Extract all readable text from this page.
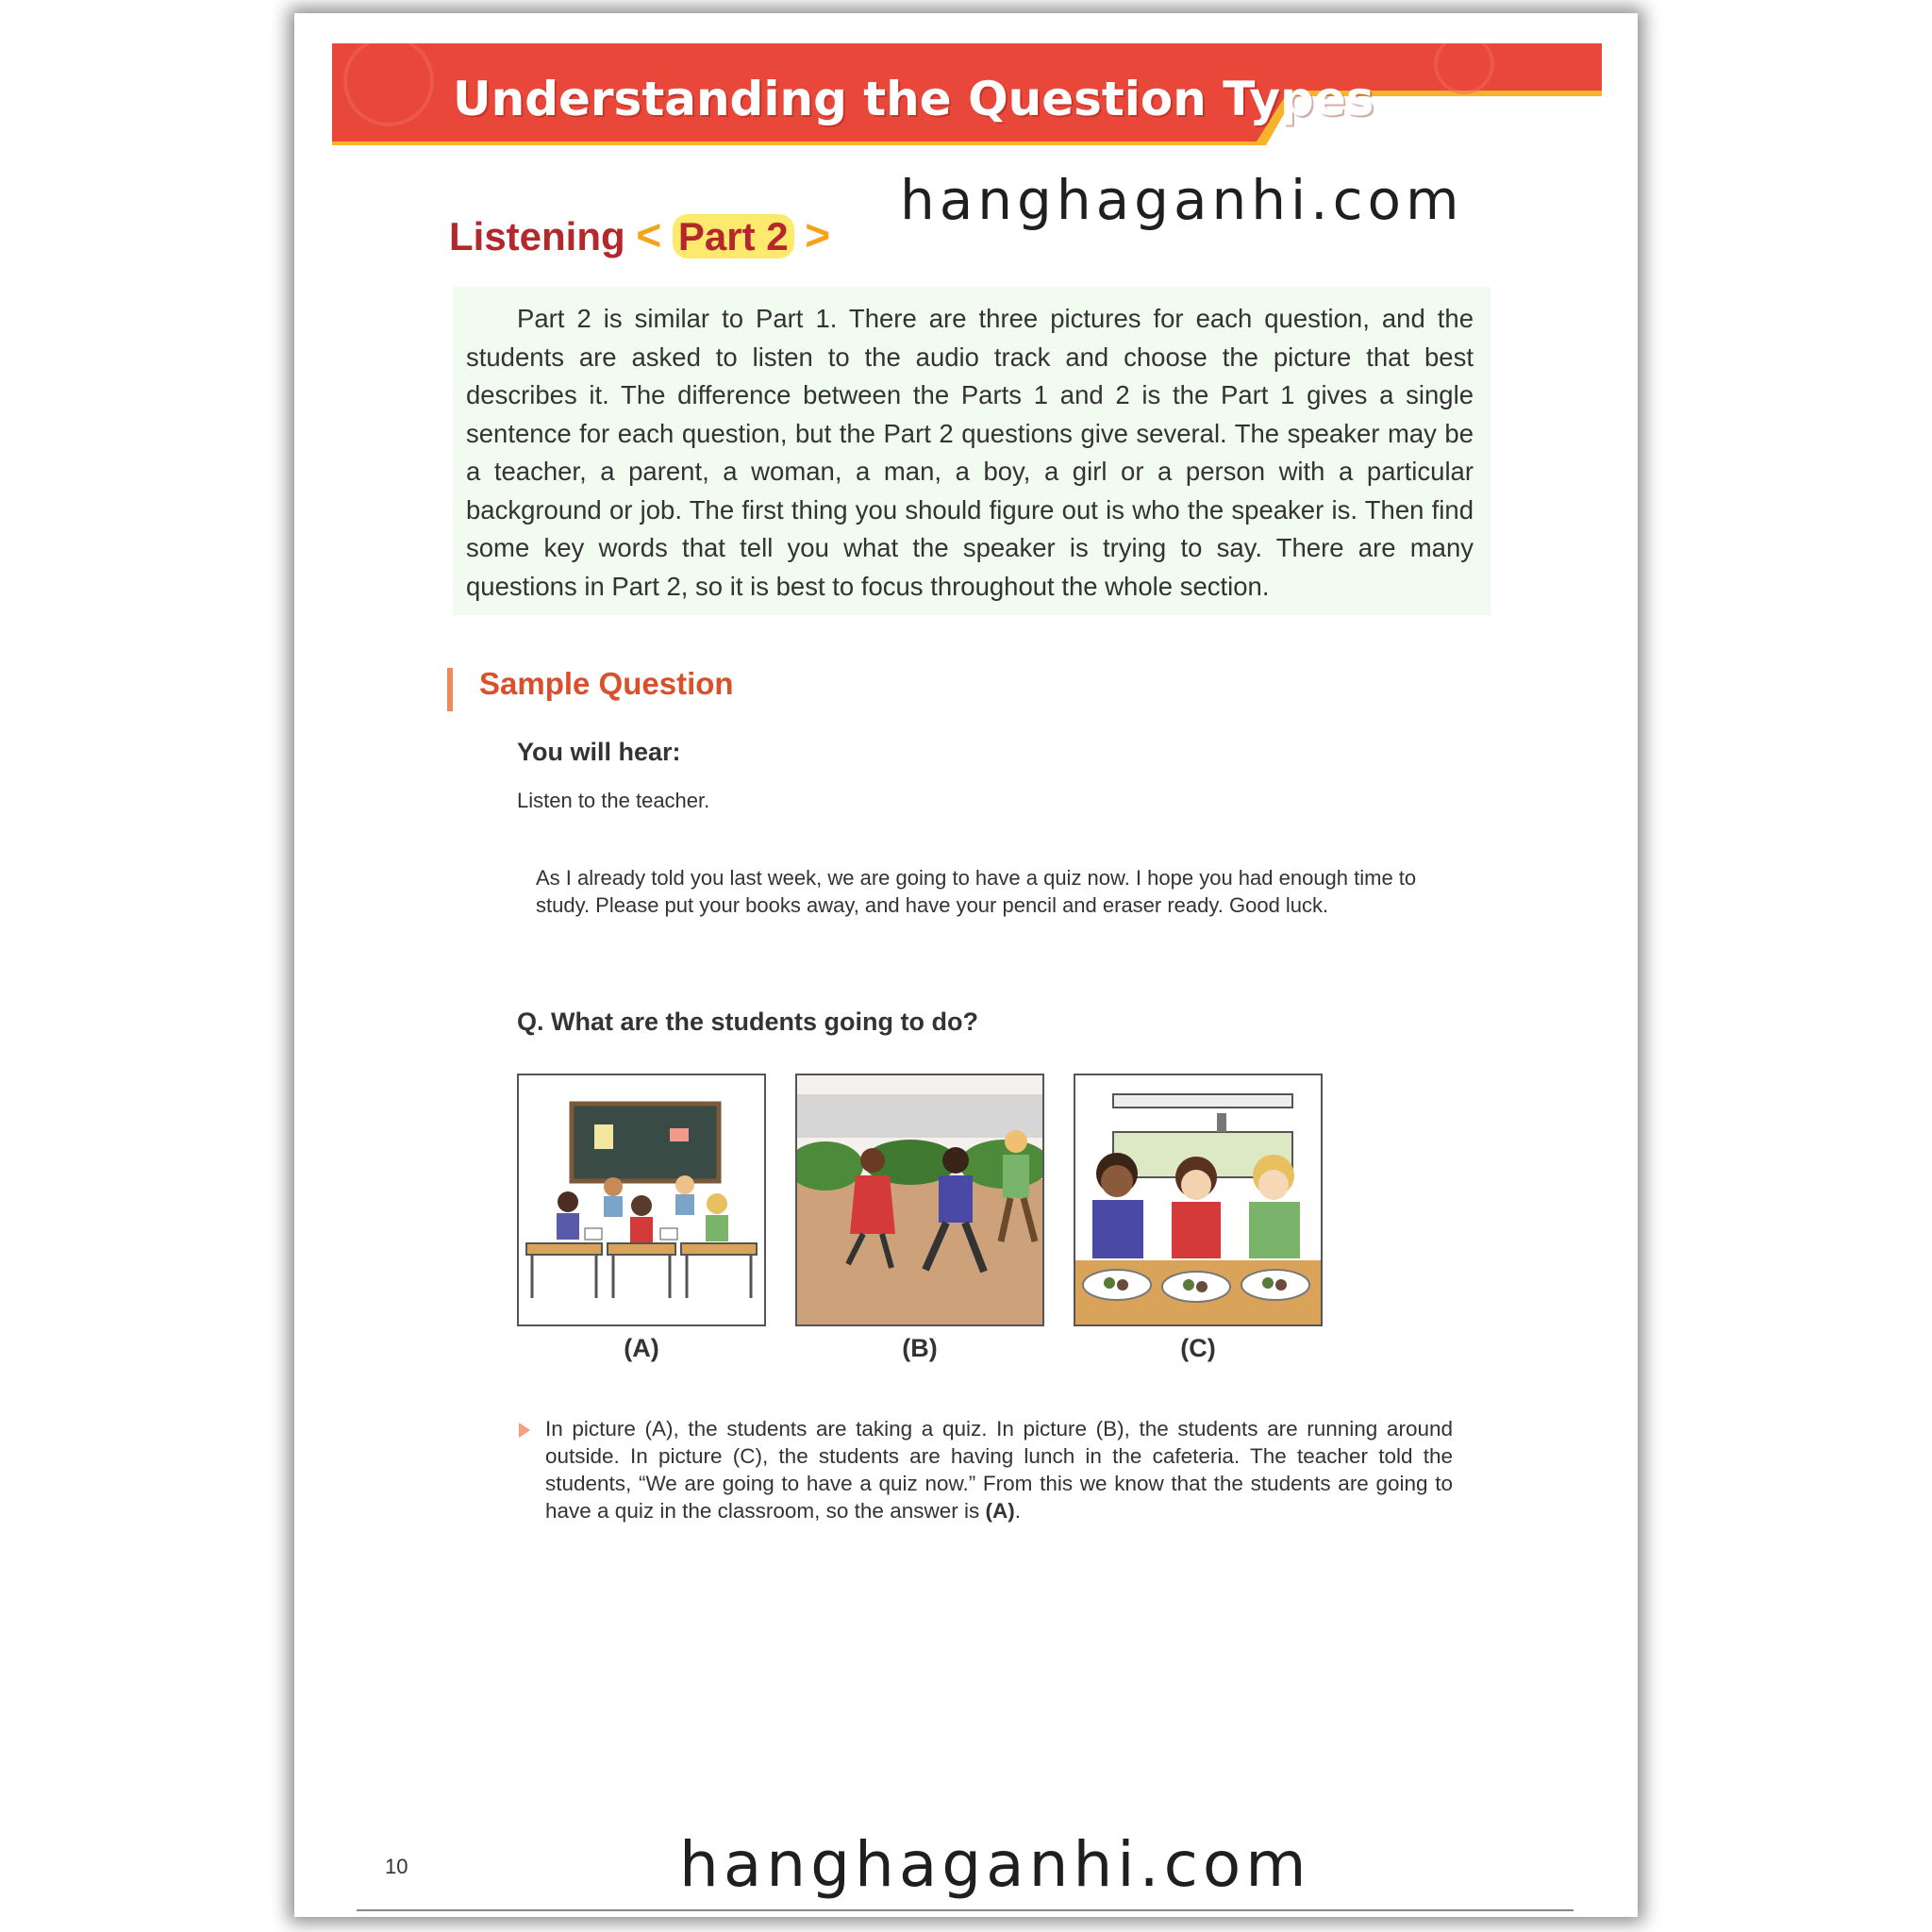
Understanding the Question Types
hanghaganhi.com
Listening < Part 2 >

Part 2 is similar to Part 1. There are three pictures for each question, and the students are asked to listen to the audio track and choose the picture that best describes it. The difference between the Parts 1 and 2 is the Part 1 gives a single sentence for each question, but the Part 2 questions give several. The speaker may be a teacher, a parent, a woman, a man, a boy, a girl or a person with a particular background or job. The first thing you should figure out is who the speaker is. Then find some key words that tell you what the speaker is trying to say. There are many questions in Part 2, so it is best to focus throughout the whole section.

Sample Question
You will hear:
Listen to the teacher.

As I already told you last week, we are going to have a quiz now. I hope you had enough time to study. Please put your books away, and have your pencil and eraser ready. Good luck.

Q. What are the students going to do?
(A)	(B)	(C)

In picture (A), the students are taking a quiz. In picture (B), the students are running around outside. In picture (C), the students are having lunch in the cafeteria. The teacher told the students, “We are going to have a quiz now.” From this we know that the students are going to have a quiz in the classroom, so the answer is (A).

10	hanghaganhi.com
